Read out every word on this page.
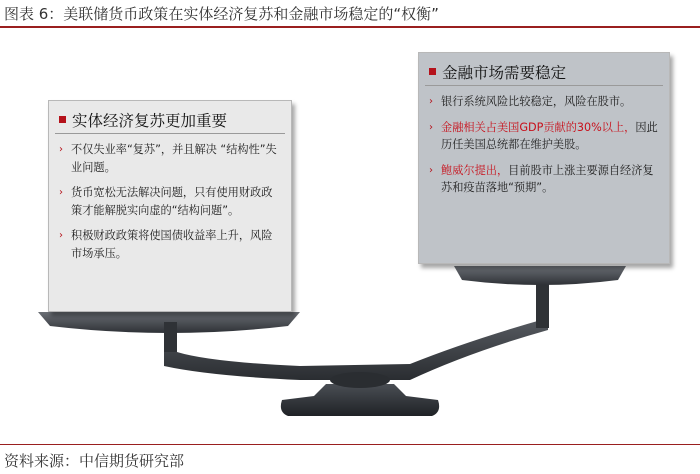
图表 6：美联储货币政策在实体经济复苏和金融市场稳定的“权衡”
实体经济复苏更加重要
› 不仅失业率“复苏”，并且解决 “结构性”失业问题。
› 货币宽松无法解决问题，只有使用财政政策才能解脱实向虚的“结构问题”。
› 积极财政政策将使国债收益率上升，风险市场承压。
金融市场需要稳定
› 银行系统风险比较稳定，风险在股市。
› 金融相关占美国GDP贡献的30%以上，因此历任美国总统都在维护美股。
› 鲍威尔提出，目前股市上涨主要源自经济复苏和疫苗落地“预期”。
资料来源：中信期货研究部
